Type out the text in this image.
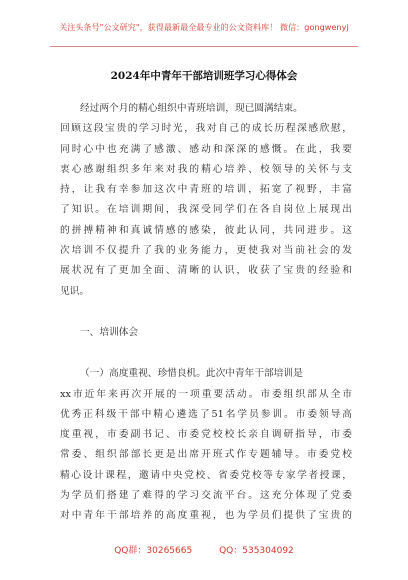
关注头条号"公文研究"，获得最新最全最专业的公文资料库！ 微信：gongwenyj
2024年中青年干部培训班学习心得体会
经过两个月的精心组织中青班培训，现已圆满结束。
回顾这段宝贵的学习时光，我对自己的成长历程深感欣慰，
同时心中也充满了感激、感动和深深的感慨。在此，我要
衷心感谢组织多年来对我的精心培养、校领导的关怀与支
持，让我有幸参加这次中青班的培训，拓宽了视野，丰富
了知识。在培训期间，我深受同学们在各自岗位上展现出
的拼搏精神和真诚情感的感染，彼此认同，共同进步。这
次培训不仅提升了我的业务能力，更使我对当前社会的发
展状况有了更加全面、清晰的认识，收获了宝贵的经验和
见识。
一、培训体会
（一）高度重视、珍惜良机。此次中青年干部培训是
xx市近年来再次开展的一项重要活动。市委组织部从全市
优秀正科级干部中精心遴选了51名学员参训。市委领导高
度重视，市委副书记、市委党校校长亲自调研指导，市委
常委、组织部部长更是出席开班式作专题辅导。市委党校
精心设计课程，邀请中央党校、省委党校等专家学者授课，
为学员们搭建了难得的学习交流平台。这充分体现了党委
对中青年干部培养的高度重视，也为学员们提供了宝贵的
QQ群：30265665	QQ：535304092
